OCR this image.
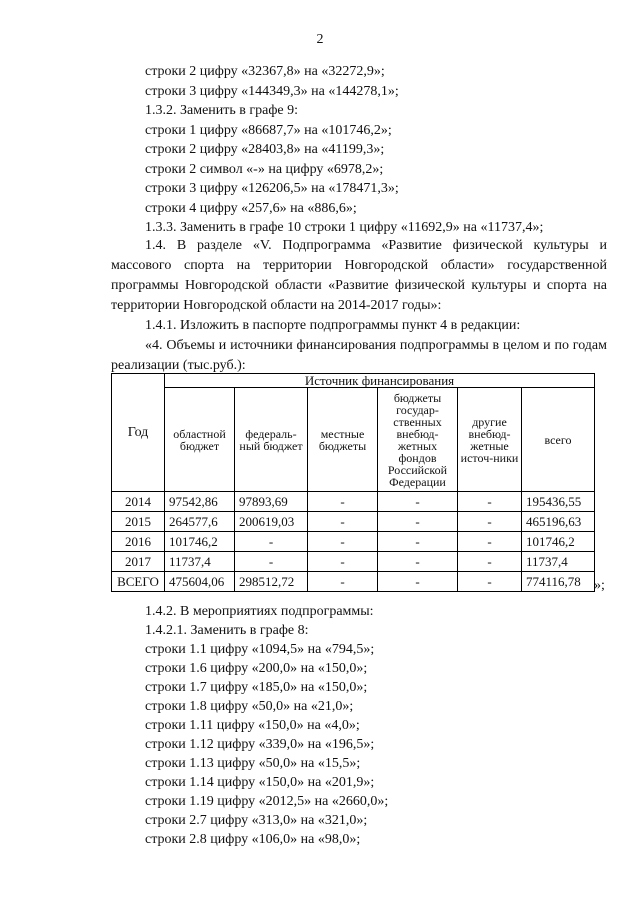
2
строки 2 цифру «32367,8» на «32272,9»;
строки 3 цифру «144349,3» на «144278,1»;
1.3.2. Заменить в графе 9:
строки 1 цифру «86687,7» на «101746,2»;
строки 2 цифру «28403,8» на «41199,3»;
строки 2 символ «-» на цифру «6978,2»;
строки 3 цифру «126206,5» на «178471,3»;
строки 4 цифру «257,6» на «886,6»;
1.3.3. Заменить в графе 10 строки 1 цифру «11692,9» на «11737,4»;

1.4. В разделе «V. Подпрограмма «Развитие физической культуры и массового спорта на территории Новгородской области» государственной программы Новгородской области «Развитие физической культуры и спорта на территории Новгородской области на 2014-2017 годы»:

1.4.1. Изложить в паспорте подпрограммы пункт 4 в редакции:

«4. Объемы и источники финансирования подпрограммы в целом и по годам реализации (тыс.руб.):

Год	Источник финансирования					
	областной бюджет	федераль-ный бюджет	местные бюджеты	бюджеты государ-ственных внебюд-жетных фондов Российской Федерации	другие внебюд-жетные источ-ники	всего
2014	97542,86	97893,69	-	-	-	195436,55
2015	264577,6	200619,03	-	-	-	465196,63
2016	101746,2	-	-	-	-	101746,2
2017	11737,4	-	-	-	-	11737,4
ВСЕГО	475604,06	298512,72	-	-	-	774116,78 »;
1.4.2. В мероприятиях подпрограммы:
1.4.2.1. Заменить в графе 8:
строки 1.1 цифру «1094,5» на «794,5»;
строки 1.6 цифру «200,0» на «150,0»;
строки 1.7 цифру «185,0» на «150,0»;
строки 1.8 цифру «50,0» на «21,0»;
строки 1.11 цифру «150,0» на «4,0»;
строки 1.12 цифру «339,0» на «196,5»;
строки 1.13 цифру «50,0» на «15,5»;
строки 1.14 цифру «150,0» на «201,9»;
строки 1.19 цифру «2012,5» на «2660,0»;
строки 2.7 цифру «313,0» на «321,0»;
строки 2.8 цифру «106,0» на «98,0»;
